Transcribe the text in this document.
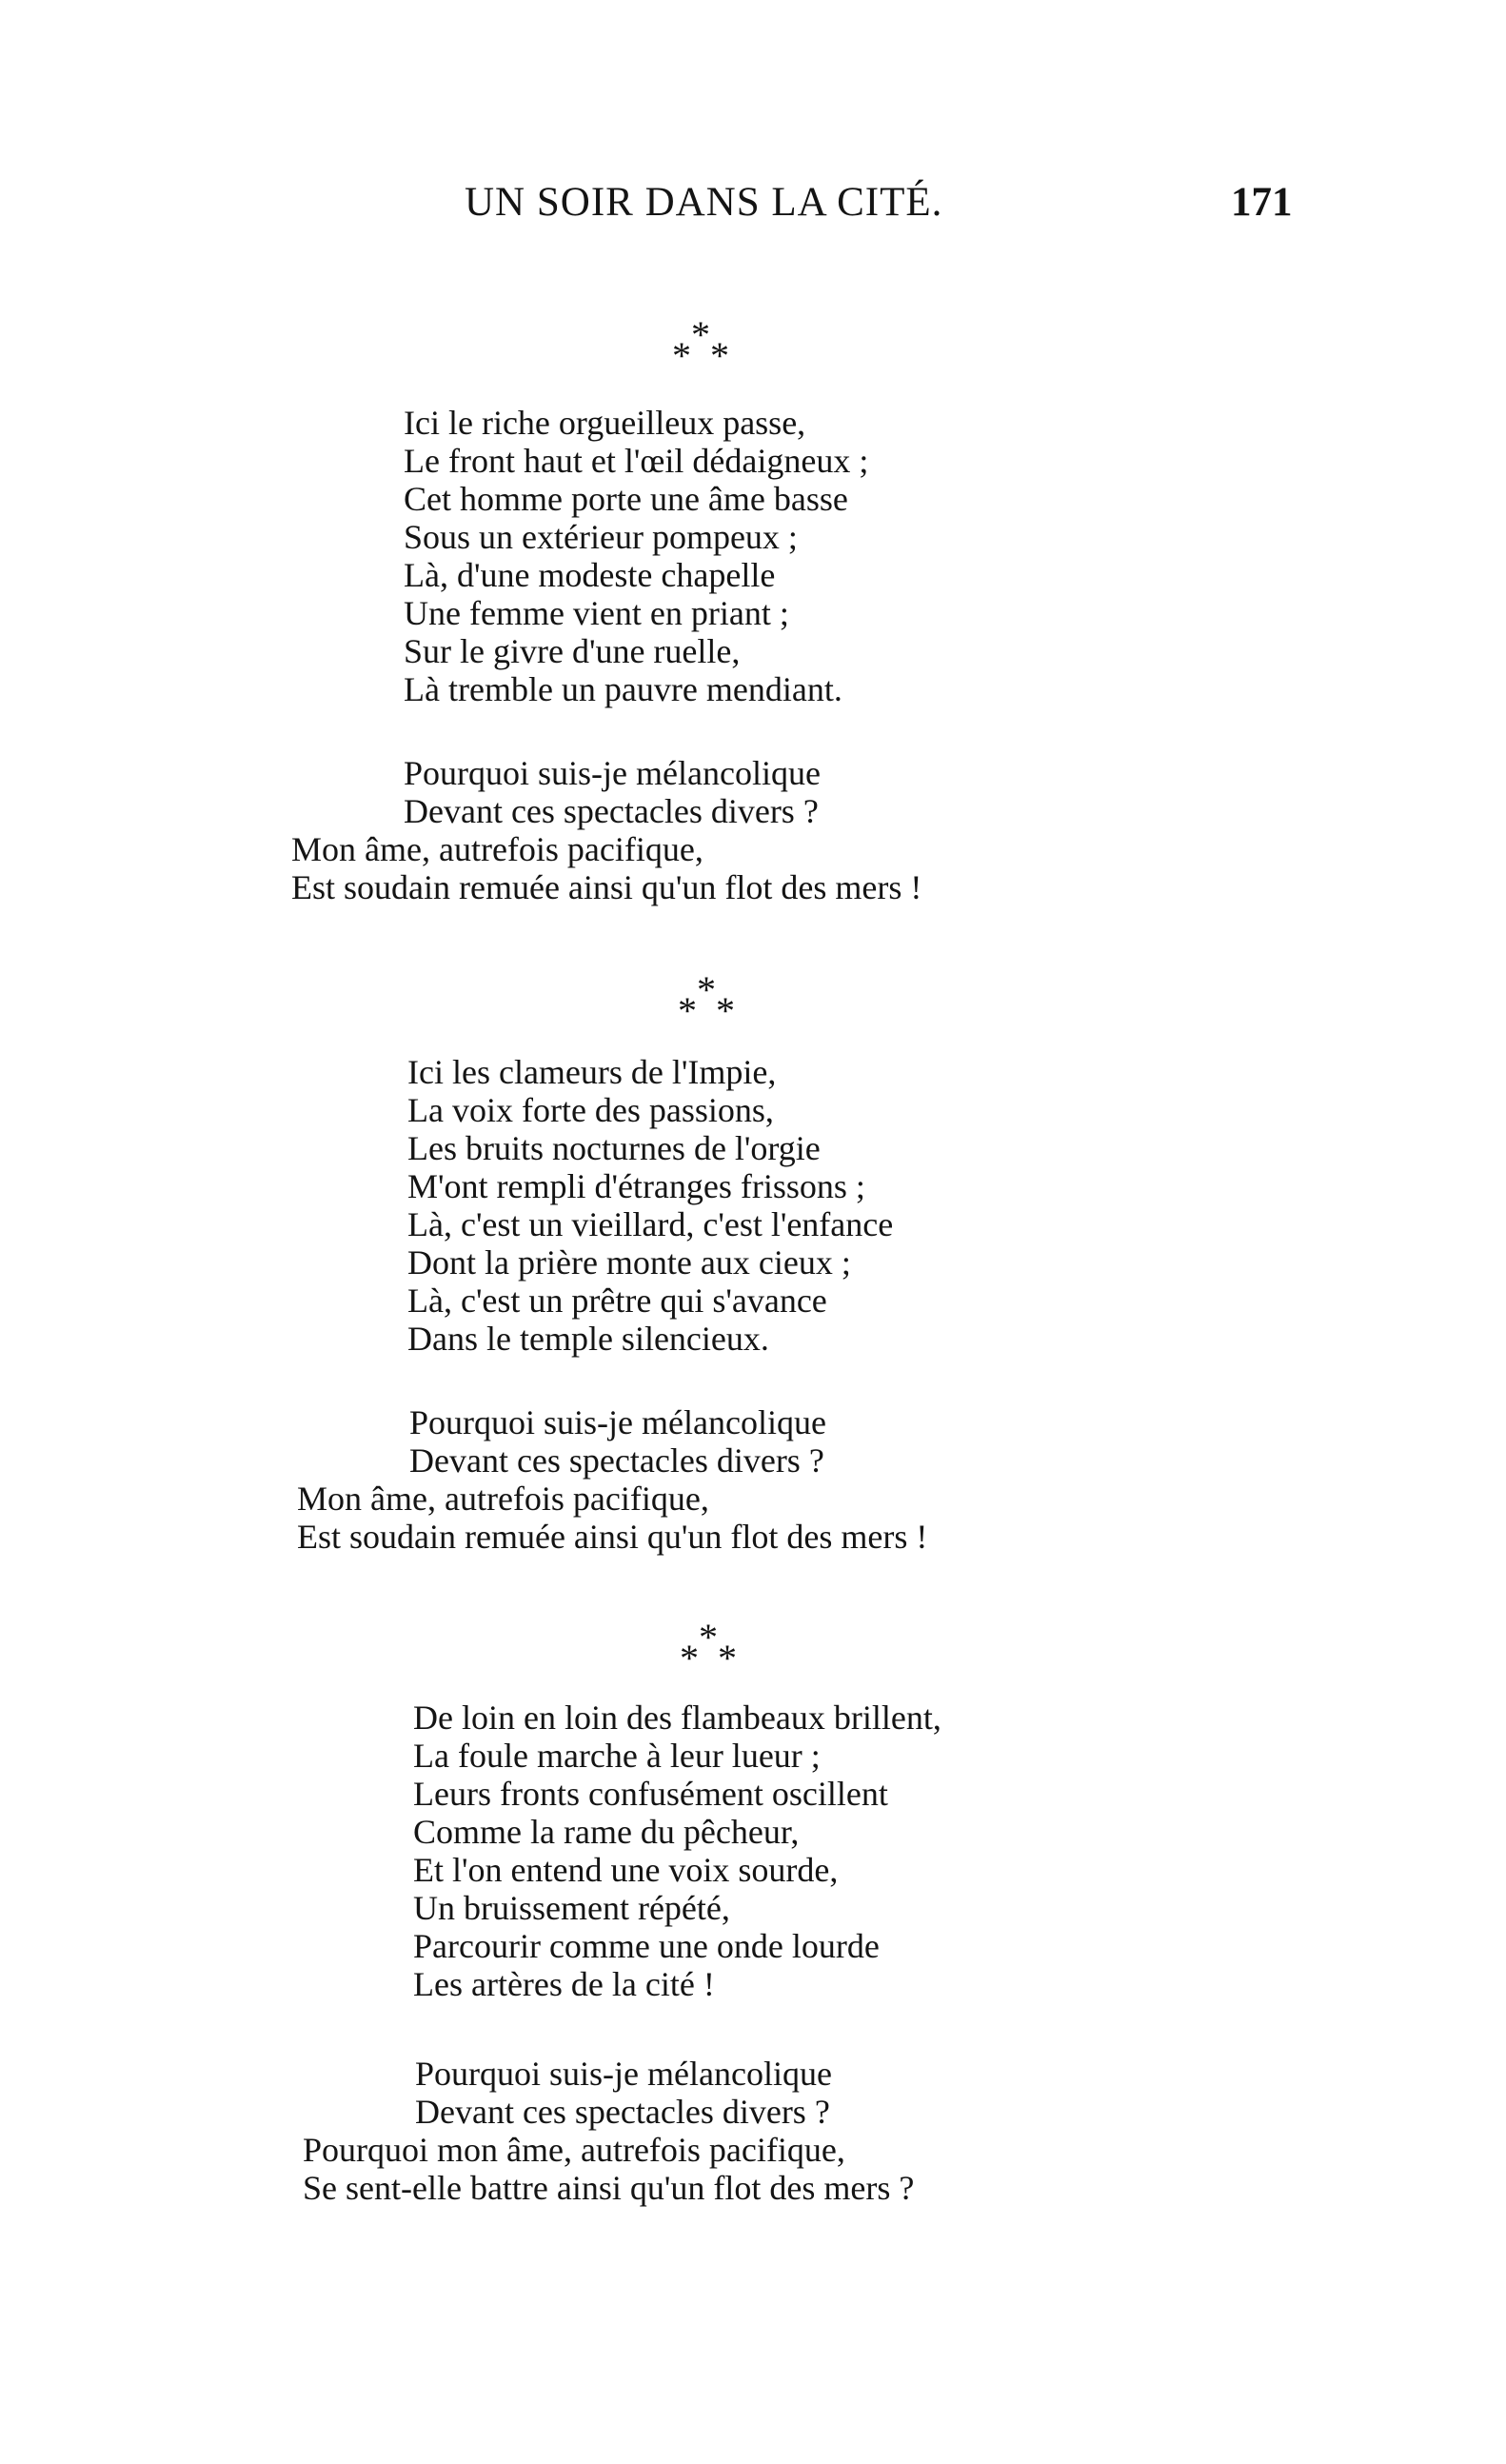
UN SOIR DANS LA CITÉ.	171
* * *
Ici le riche orgueilleux passe,
Le front haut et l'œil dédaigneux ;
Cet homme porte une âme basse
Sous un extérieur pompeux ;
Là, d'une modeste chapelle
Une femme vient en priant ;
Sur le givre d'une ruelle,
Là tremble un pauvre mendiant.
Pourquoi suis-je mélancolique
Devant ces spectacles divers ?
Mon âme, autrefois pacifique,
Est soudain remuée ainsi qu'un flot des mers !
* * *
Ici les clameurs de l'Impie,
La voix forte des passions,
Les bruits nocturnes de l'orgie
M'ont rempli d'étranges frissons ;
Là, c'est un vieillard, c'est l'enfance
Dont la prière monte aux cieux ;
Là, c'est un prêtre qui s'avance
Dans le temple silencieux.
Pourquoi suis-je mélancolique
Devant ces spectacles divers ?
Mon âme, autrefois pacifique,
Est soudain remuée ainsi qu'un flot des mers !
* * *
De loin en loin des flambeaux brillent,
La foule marche à leur lueur ;
Leurs fronts confusément oscillent
Comme la rame du pêcheur,
Et l'on entend une voix sourde,
Un bruissement répété,
Parcourir comme une onde lourde
Les artères de la cité !
Pourquoi suis-je mélancolique
Devant ces spectacles divers ?
Pourquoi mon âme, autrefois pacifique,
Se sent-elle battre ainsi qu'un flot des mers ?
